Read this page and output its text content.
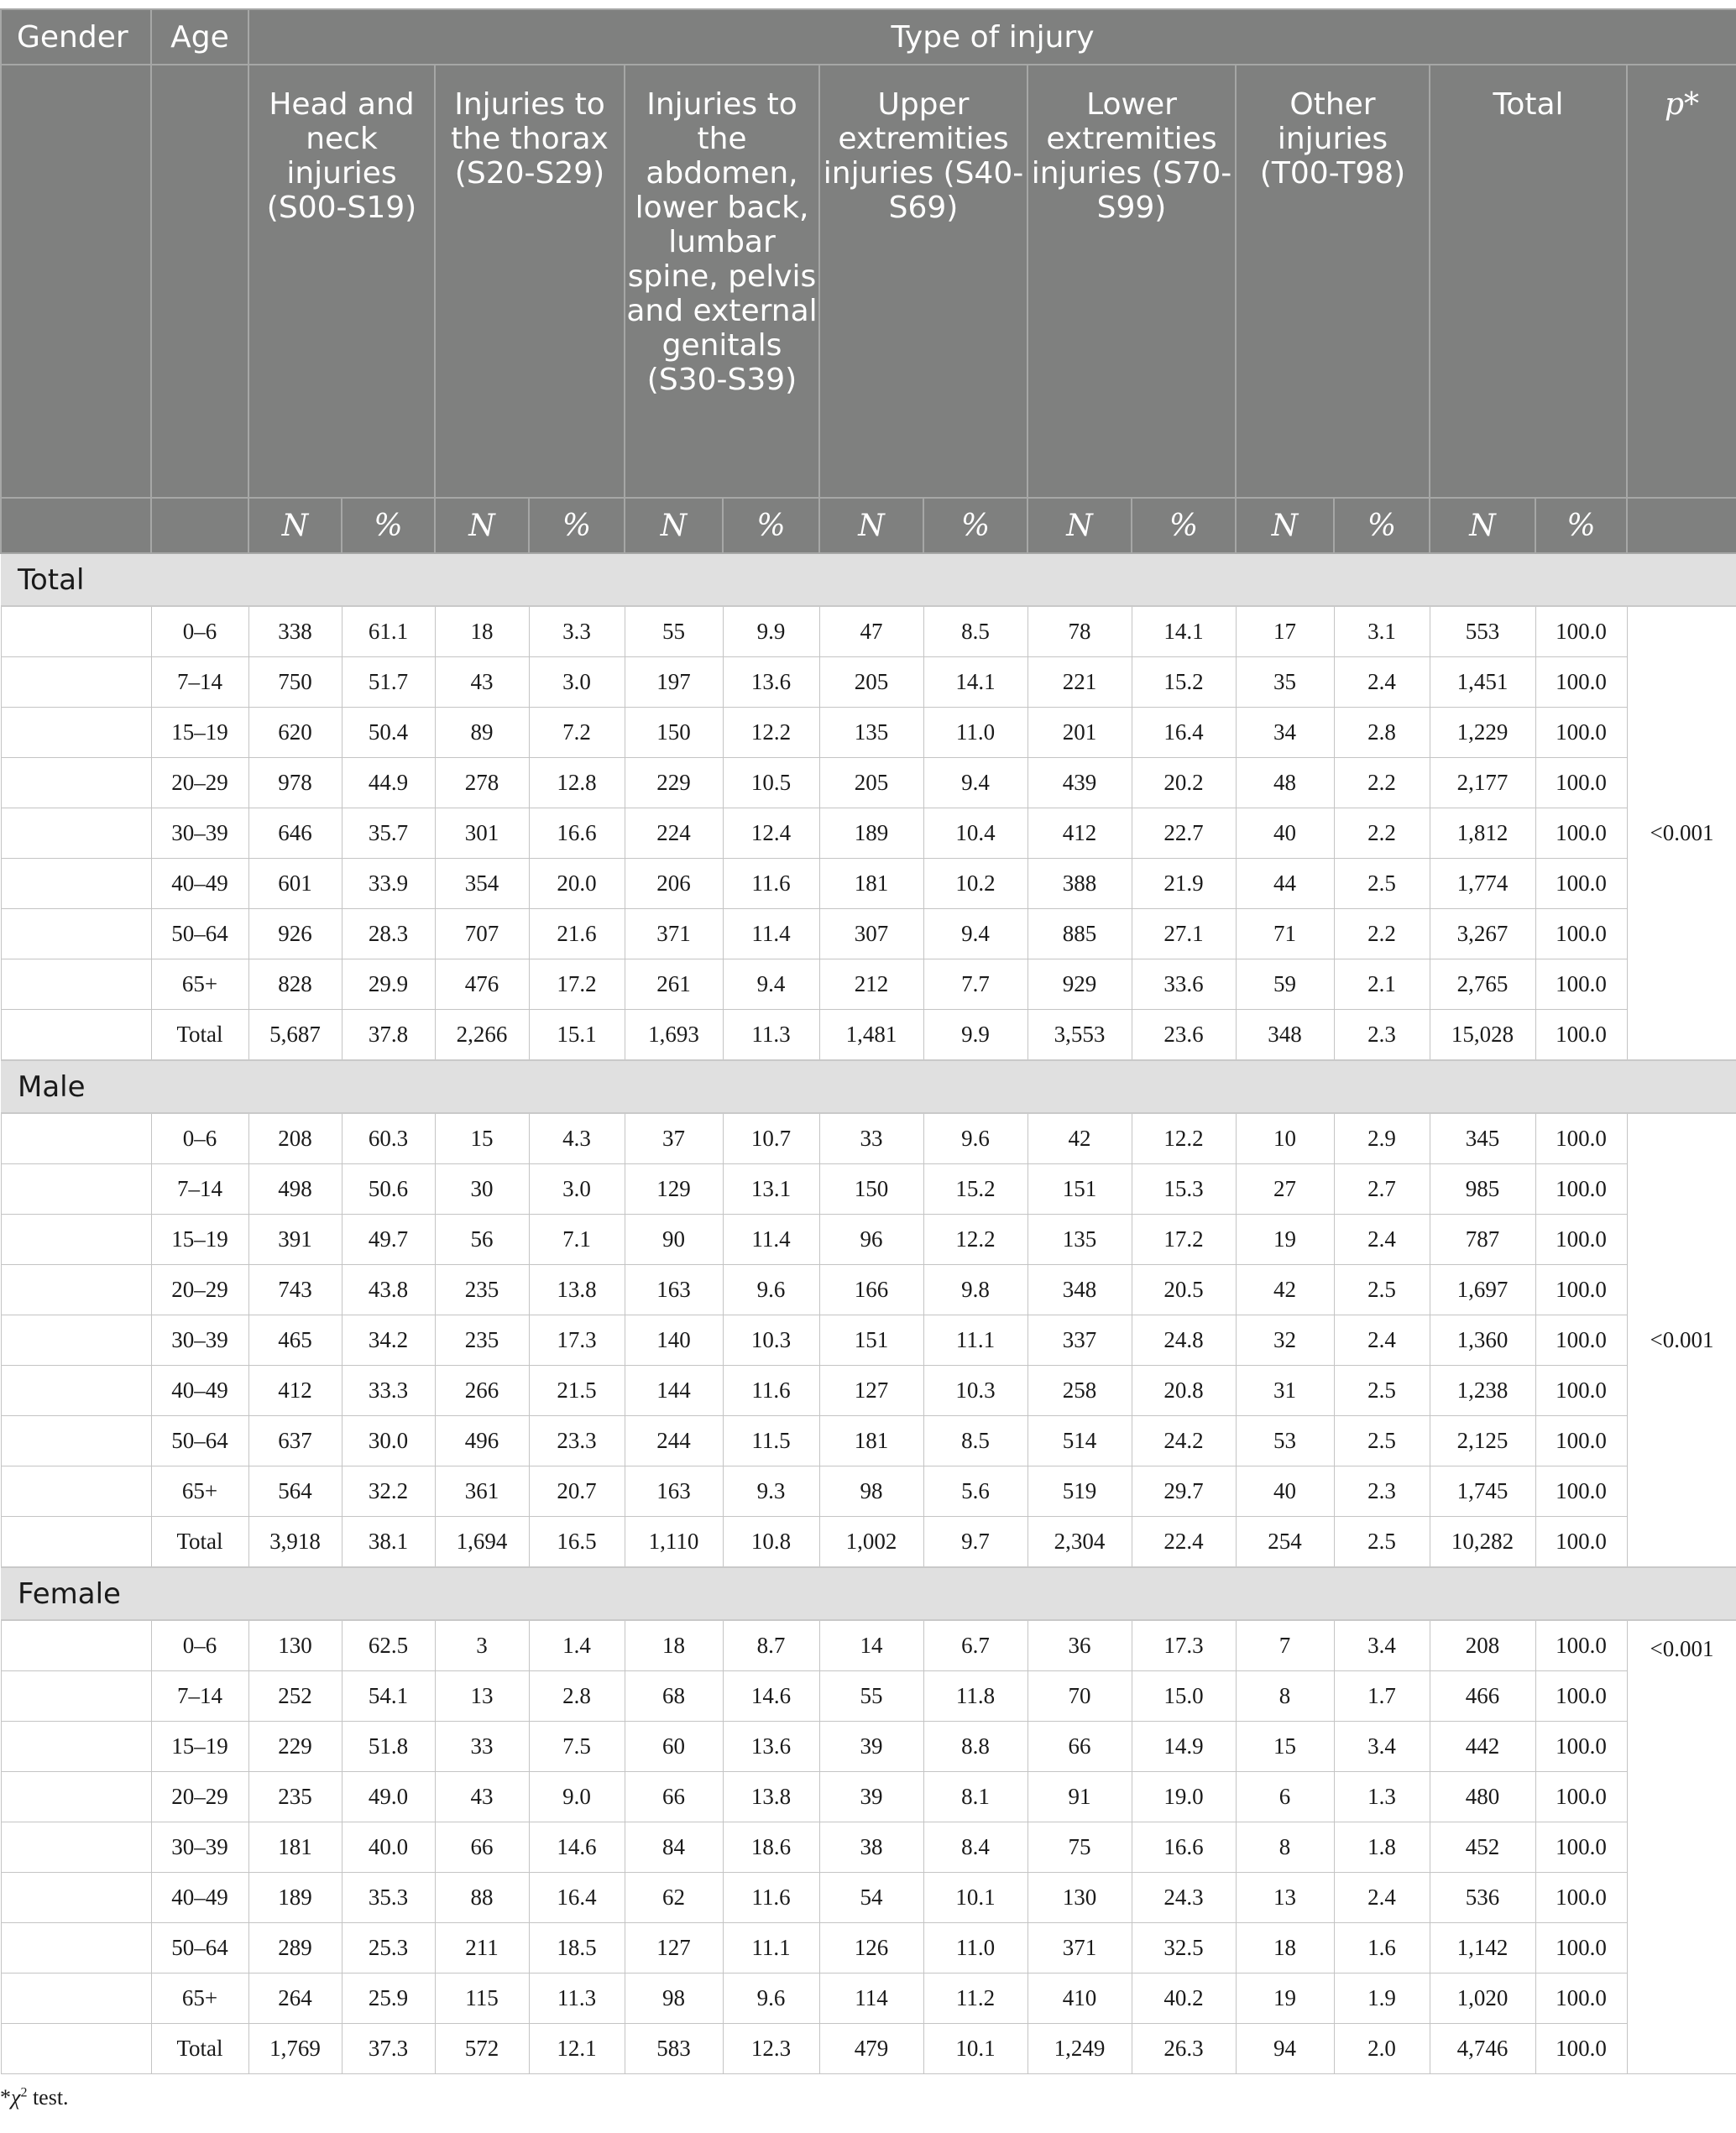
Gender	Age	Type of injury														
		Head and neck injuries (S00-S19)		Injuries to the thorax (S20-S29)		Injuries to the abdomen, lower back, lumbar spine, pelvis and external genitals (S30-S39)		Upper extremities injuries (S40-S69)		Lower extremities injuries (S70-S99)		Other injuries (T00-T98)		Total		p*
		N	%	N	%	N	%	N	%	N	%	N	%	N	%	
Total																
	0–6	338	61.1	18	3.3	55	9.9	47	8.5	78	14.1	17	3.1	553	100.0	<0.001
	7–14	750	51.7	43	3.0	197	13.6	205	14.1	221	15.2	35	2.4	1,451	100.0	
	15–19	620	50.4	89	7.2	150	12.2	135	11.0	201	16.4	34	2.8	1,229	100.0	
	20–29	978	44.9	278	12.8	229	10.5	205	9.4	439	20.2	48	2.2	2,177	100.0	
	30–39	646	35.7	301	16.6	224	12.4	189	10.4	412	22.7	40	2.2	1,812	100.0	
	40–49	601	33.9	354	20.0	206	11.6	181	10.2	388	21.9	44	2.5	1,774	100.0	
	50–64	926	28.3	707	21.6	371	11.4	307	9.4	885	27.1	71	2.2	3,267	100.0	
	65+	828	29.9	476	17.2	261	9.4	212	7.7	929	33.6	59	2.1	2,765	100.0	
	Total	5,687	37.8	2,266	15.1	1,693	11.3	1,481	9.9	3,553	23.6	348	2.3	15,028	100.0	
Male																
	0–6	208	60.3	15	4.3	37	10.7	33	9.6	42	12.2	10	2.9	345	100.0	<0.001
	7–14	498	50.6	30	3.0	129	13.1	150	15.2	151	15.3	27	2.7	985	100.0	
	15–19	391	49.7	56	7.1	90	11.4	96	12.2	135	17.2	19	2.4	787	100.0	
	20–29	743	43.8	235	13.8	163	9.6	166	9.8	348	20.5	42	2.5	1,697	100.0	
	30–39	465	34.2	235	17.3	140	10.3	151	11.1	337	24.8	32	2.4	1,360	100.0	
	40–49	412	33.3	266	21.5	144	11.6	127	10.3	258	20.8	31	2.5	1,238	100.0	
	50–64	637	30.0	496	23.3	244	11.5	181	8.5	514	24.2	53	2.5	2,125	100.0	
	65+	564	32.2	361	20.7	163	9.3	98	5.6	519	29.7	40	2.3	1,745	100.0	
	Total	3,918	38.1	1,694	16.5	1,110	10.8	1,002	9.7	2,304	22.4	254	2.5	10,282	100.0	
Female																
	0–6	130	62.5	3	1.4	18	8.7	14	6.7	36	17.3	7	3.4	208	100.0	<0.001
	7–14	252	54.1	13	2.8	68	14.6	55	11.8	70	15.0	8	1.7	466	100.0	
	15–19	229	51.8	33	7.5	60	13.6	39	8.8	66	14.9	15	3.4	442	100.0	
	20–29	235	49.0	43	9.0	66	13.8	39	8.1	91	19.0	6	1.3	480	100.0	
	30–39	181	40.0	66	14.6	84	18.6	38	8.4	75	16.6	8	1.8	452	100.0	
	40–49	189	35.3	88	16.4	62	11.6	54	10.1	130	24.3	13	2.4	536	100.0	
	50–64	289	25.3	211	18.5	127	11.1	126	11.0	371	32.5	18	1.6	1,142	100.0	
	65+	264	25.9	115	11.3	98	9.6	114	11.2	410	40.2	19	1.9	1,020	100.0	
	Total	1,769	37.3	572	12.1	583	12.3	479	10.1	1,249	26.3	94	2.0	4,746	100.0	
$*\chi^2$ test.
